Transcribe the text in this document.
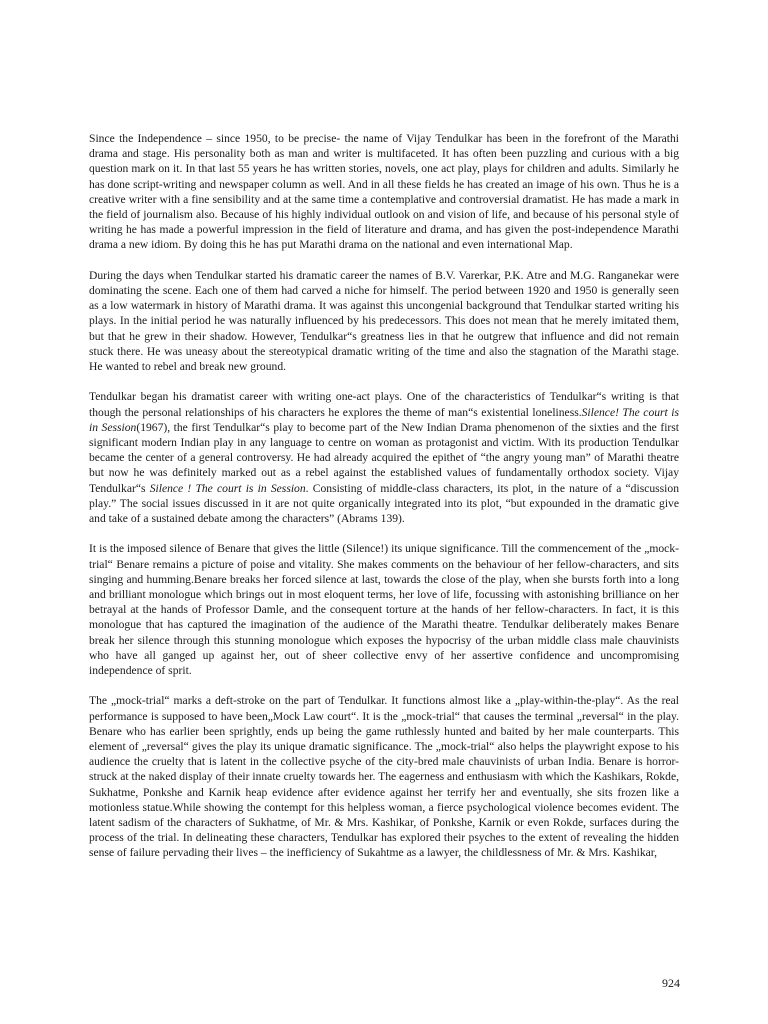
Since the Independence – since 1950, to be precise- the name of Vijay Tendulkar has been in the forefront of the Marathi drama and stage. His personality both as man and writer is multifaceted. It has often been puzzling and curious with a big question mark on it. In that last 55 years he has written stories, novels, one act play, plays for children and adults. Similarly he has done script-writing and newspaper column as well. And in all these fields he has created an image of his own. Thus he is a creative writer with a fine sensibility and at the same time a contemplative and controversial dramatist. He has made a mark in the field of journalism also. Because of his highly individual outlook on and vision of life, and because of his personal style of writing he has made a powerful impression in the field of literature and drama, and has given the post-independence Marathi drama a new idiom. By doing this he has put Marathi drama on the national and even international Map.

During the days when Tendulkar started his dramatic career the names of B.V. Varerkar, P.K. Atre and M.G. Ranganekar were dominating the scene. Each one of them had carved a niche for himself. The period between 1920 and 1950 is generally seen as a low watermark in history of Marathi drama. It was against this uncongenial background that Tendulkar started writing his plays. In the initial period he was naturally influenced by his predecessors. This does not mean that he merely imitated them, but that he grew in their shadow. However, Tendulkar“s greatness lies in that he outgrew that influence and did not remain stuck there. He was uneasy about the stereotypical dramatic writing of the time and also the stagnation of the Marathi stage. He wanted to rebel and break new ground.

Tendulkar began his dramatist career with writing one-act plays. One of the characteristics of Tendulkar“s writing is that though the personal relationships of his characters he explores the theme of man“s existential loneliness.Silence! The court is in Session(1967), the first Tendulkar“s play to become part of the New Indian Drama phenomenon of the sixties and the first significant modern Indian play in any language to centre on woman as protagonist and victim. With its production Tendulkar became the center of a general controversy. He had already acquired the epithet of “the angry young man” of Marathi theatre but now he was definitely marked out as a rebel against the established values of fundamentally orthodox society. Vijay Tendulkar“s Silence ! The court is in Session. Consisting of middle-class characters, its plot, in the nature of a “discussion play.” The social issues discussed in it are not quite organically integrated into its plot, “but expounded in the dramatic give and take of a sustained debate among the characters” (Abrams 139).

It is the imposed silence of Benare that gives the little (Silence!) its unique significance. Till the commencement of the „mock-trial“ Benare remains a picture of poise and vitality. She makes comments on the behaviour of her fellow-characters, and sits singing and humming.Benare breaks her forced silence at last, towards the close of the play, when she bursts forth into a long and brilliant monologue which brings out in most eloquent terms, her love of life, focussing with astonishing brilliance on her betrayal at the hands of Professor Damle, and the consequent torture at the hands of her fellow-characters. In fact, it is this monologue that has captured the imagination of the audience of the Marathi theatre. Tendulkar deliberately makes Benare break her silence through this stunning monologue which exposes the hypocrisy of the urban middle class male chauvinists who have all ganged up against her, out of sheer collective envy of her assertive confidence and uncompromising independence of sprit.

The „mock-trial“ marks a deft-stroke on the part of Tendulkar. It functions almost like a „play-within-the-play“. As the real performance is supposed to have been„Mock Law court“. It is the „mock-trial“ that causes the terminal „reversal“ in the play. Benare who has earlier been sprightly, ends up being the game ruthlessly hunted and baited by her male counterparts. This element of „reversal“ gives the play its unique dramatic significance. The „mock-trial“ also helps the playwright expose to his audience the cruelty that is latent in the collective psyche of the city-bred male chauvinists of urban India. Benare is horror-struck at the naked display of their innate cruelty towards her. The eagerness and enthusiasm with which the Kashikars, Rokde, Sukhatme, Ponkshe and Karnik heap evidence after evidence against her terrify her and eventually, she sits frozen like a motionless statue.While showing the contempt for this helpless woman, a fierce psychological violence becomes evident. The latent sadism of the characters of Sukhatme, of Mr. & Mrs. Kashikar, of Ponkshe, Karnik or even Rokde, surfaces during the process of the trial. In delineating these characters, Tendulkar has explored their psyches to the extent of revealing the hidden sense of failure pervading their lives – the inefficiency of Sukahtme as a lawyer, the childlessness of Mr. & Mrs. Kashikar,

924
